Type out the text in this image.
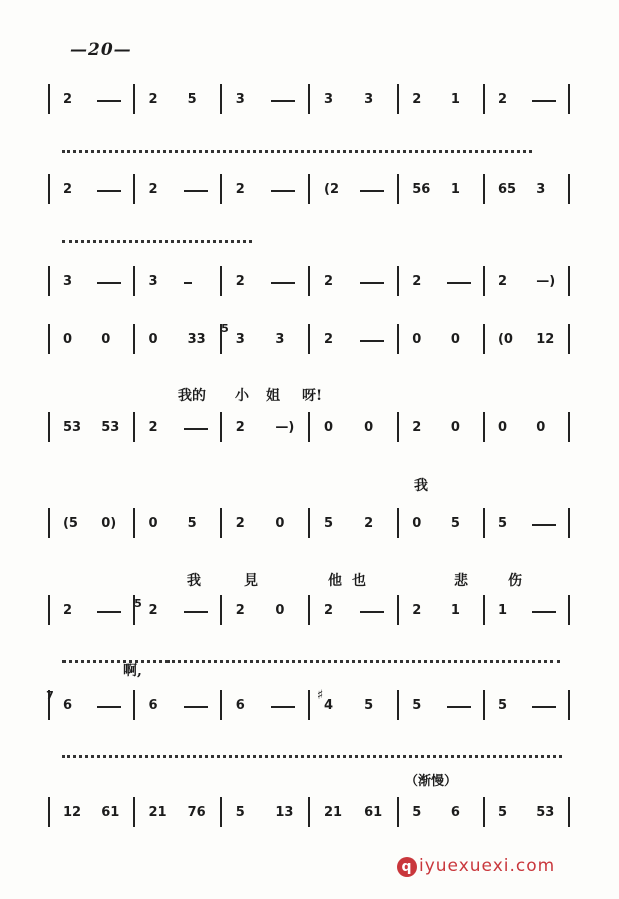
—20—
2	2 5	3	3 3	2 1	2
2	2	2	(2	56 1	65 3
3	3	2	2	2	2 —)
0 0	0 33 3 3	2	0 0	(0 12
我的 小 姐 呀!
53 53 2	2 —) 0 0	2 0	0 0
我
(5 0) 0 5	2 0	5 2	0 5	5
我	見	他 也	悲	伤
2	2	2 0	2	2 1	1
啊,
6	6	6	4 5	5	5
12 61 21 76 5 13 21 61 5 6	5 53
5
5
7	♯
（渐慢）
q iyuexuexi.com
